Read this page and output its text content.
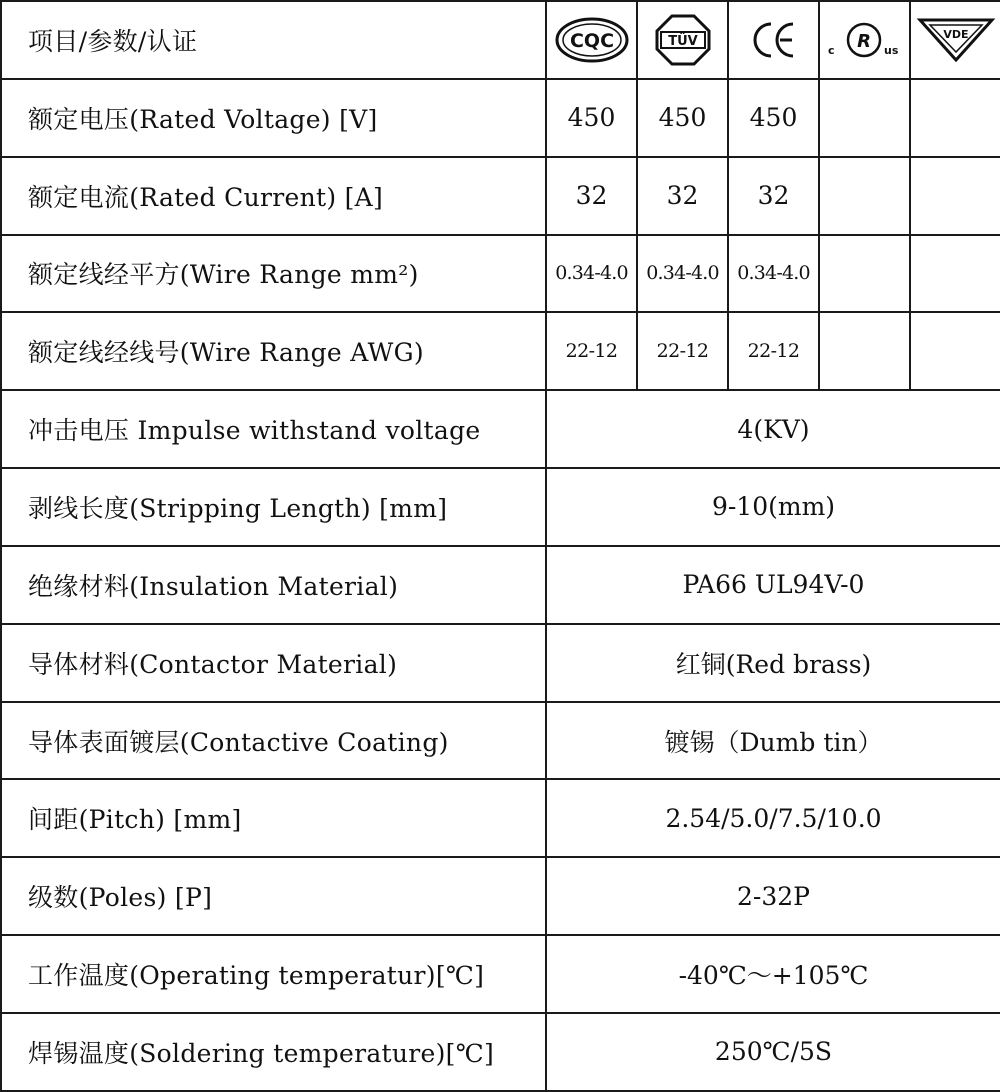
项目/参数/认证	CQC	TÜV		c R us	VDE

额定电压(Rated Voltage) [V]	450	450	450		
额定电流(Rated Current) [A]	32	32	32		
额定线经平方(Wire Range mm²)	0.34-4.0	0.34-4.0	0.34-4.0		
额定线经线号(Wire Range AWG)	22-12	22-12	22-12		
冲击电压 Impulse withstand voltage	4(KV)				
剥线长度(Stripping Length) [mm]	9-10(mm)				
绝缘材料(Insulation Material)	PA66 UL94V-0				
导体材料(Contactor Material)	红铜(Red brass)				
导体表面镀层(Contactive Coating)	镀锡（Dumb tin）				
间距(Pitch) [mm]	2.54/5.0/7.5/10.0				
级数(Poles) [P]	2-32P				
工作温度(Operating temperatur)[℃]	-40℃～+105℃				
焊锡温度(Soldering temperature)[℃]	250℃/5S				
